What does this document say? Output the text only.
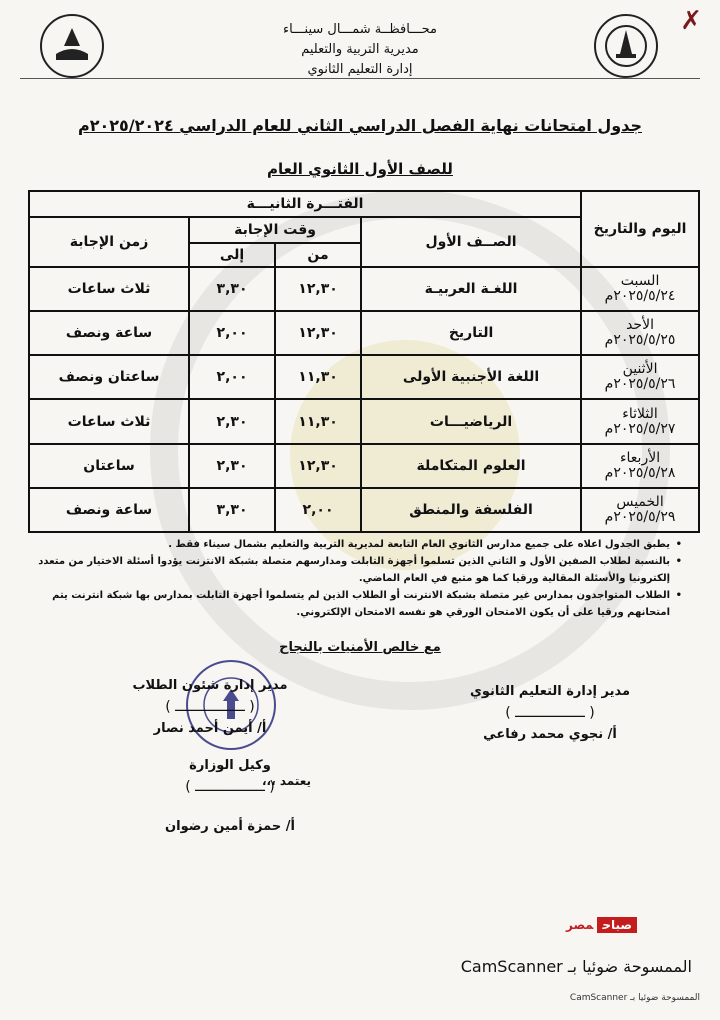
✗
محـــافظــة شمـــال سينـــاء
مديرية التربية والتعليم
إدارة التعليم الثانوي
جدول امتحانات نهاية الفصل الدراسي الثاني للعام الدراسي ٢٠٢٥/٢٠٢٤م
للصف الأول الثانوي العام
اليوم والتاريخ	الفتـــرة الثانيـــة			
	الصــف الأول	وقت الإجابة		زمن الإجابة
		من	إلى	

السبت
٢٠٢٥/٥/٢٤م	اللغـة العربيـة	١٢,٣٠	٣,٣٠	ثلاث ساعات

الأحد
٢٠٢٥/٥/٢٥م	التاريخ	١٢,٣٠	٢,٠٠	ساعة ونصف

الأثنين
٢٠٢٥/٥/٢٦م	اللغة الأجنبية الأولى	١١,٣٠	٢,٠٠	ساعتان ونصف

الثلاثاء
٢٠٢٥/٥/٢٧م	الرياضيـــات	١١,٣٠	٢,٣٠	ثلاث ساعات

الأربعاء
٢٠٢٥/٥/٢٨م	العلوم المتكاملة	١٢,٣٠	٢,٣٠	ساعتان

الخميس
٢٠٢٥/٥/٢٩م	الفلسفة والمنطق	٢,٠٠	٣,٣٠	ساعة ونصف
• يطبق الجدول اعلاه على جميع مدارس الثانوي العام التابعة لمديرية التربية والتعليم بشمال سيناء فقط .
• بالنسبة لطلاب الصفين الأول و الثاني الذين تسلموا أجهزة التابلت ومدارسهم متصلة بشبكة الانترنت يؤدوا أسئلة الاختيار من متعدد إلكترونيا والأسئلة المقالية ورقيا كما هو متبع في العام الماضي.
• الطلاب المتواجدون بمدارس غير متصلة بشبكة الانترنت أو الطلاب الذين لم يتسلموا أجهزة التابلت بمدارس بها شبكة انترنت يتم امتحانهم ورقيا على أن يكون الامتحان الورقي هو نفسه الامتحان الإلكتروني.
مع خالص الأمنيات بالنجاح
مدير إدارة التعليم الثانوي
( ـــــــــــــــــ )
أ/ نجوي محمد رفاعي
مدير إدارة شئون الطلاب
( ـــــــــــــــــ )
أ/ أيمن أحمد نصار
يعتمد ،،،
وكيل الوزارة
( ـــــــــــــــــ )
أ/ حمزة أمين رضوان
صباحمصر
الممسوحة ضوئيا بـ CamScanner
الممسوحة ضوئيا بـ CamScanner
